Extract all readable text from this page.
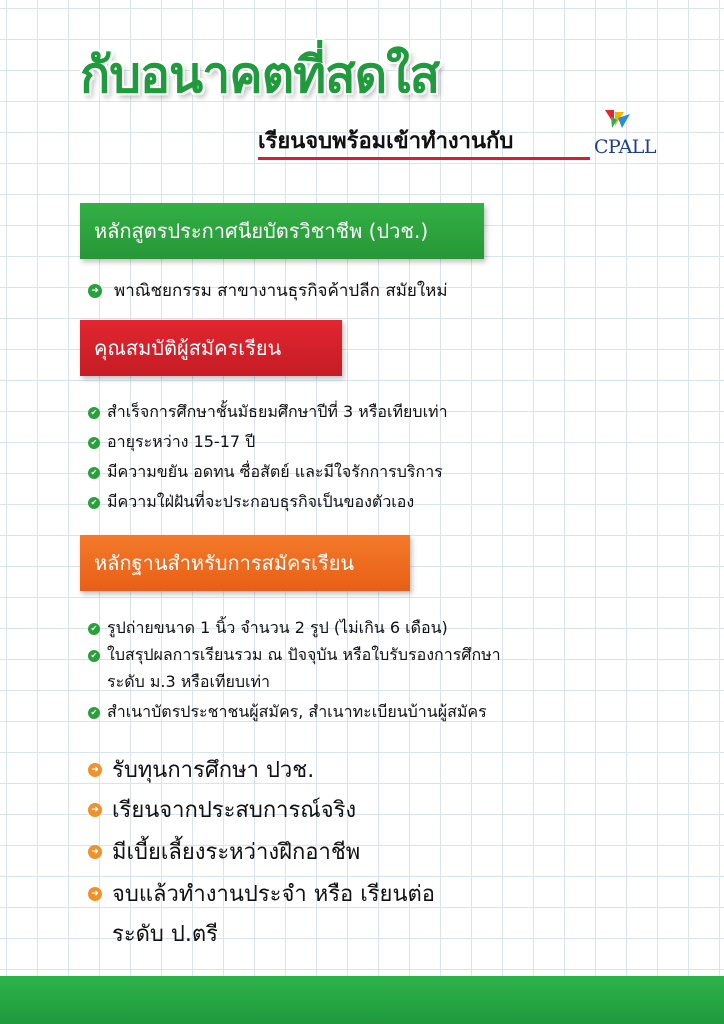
กับอนาคตที่สดใส
เรียนจบพร้อมเข้าทำงานกับ	CPALL
หลักสูตรประกาศนียบัตรวิชาชีพ (ปวช.)
➜ พาณิชยกรรม สาขางานธุรกิจค้าปลีก สมัยใหม่
คุณสมบัติผู้สมัครเรียน
✔ สำเร็จการศึกษาชั้นมัธยมศึกษาปีที่ 3 หรือเทียบเท่า
✔ อายุระหว่าง 15-17 ปี
✔ มีความขยัน อดทน ซื่อสัตย์ และมีใจรักการบริการ
✔ มีความใฝ่ฝันที่จะประกอบธุรกิจเป็นของตัวเอง
หลักฐานสำหรับการสมัครเรียน
✔ รูปถ่ายขนาด 1 นิ้ว จำนวน 2 รูป (ไม่เกิน 6 เดือน)
✔ ใบสรุปผลการเรียนรวม ณ ปัจจุบัน หรือใบรับรองการศึกษา
ระดับ ม.3 หรือเทียบเท่า
✔ สำเนาบัตรประชาชนผู้สมัคร, สำเนาทะเบียนบ้านผู้สมัคร
➜ รับทุนการศึกษา ปวช.
➜ เรียนจากประสบการณ์จริง
➜ มีเบี้ยเลี้ยงระหว่างฝึกอาชีพ
➜ จบแล้วทำงานประจำ หรือ เรียนต่อ
ระดับ ป.ตรี
